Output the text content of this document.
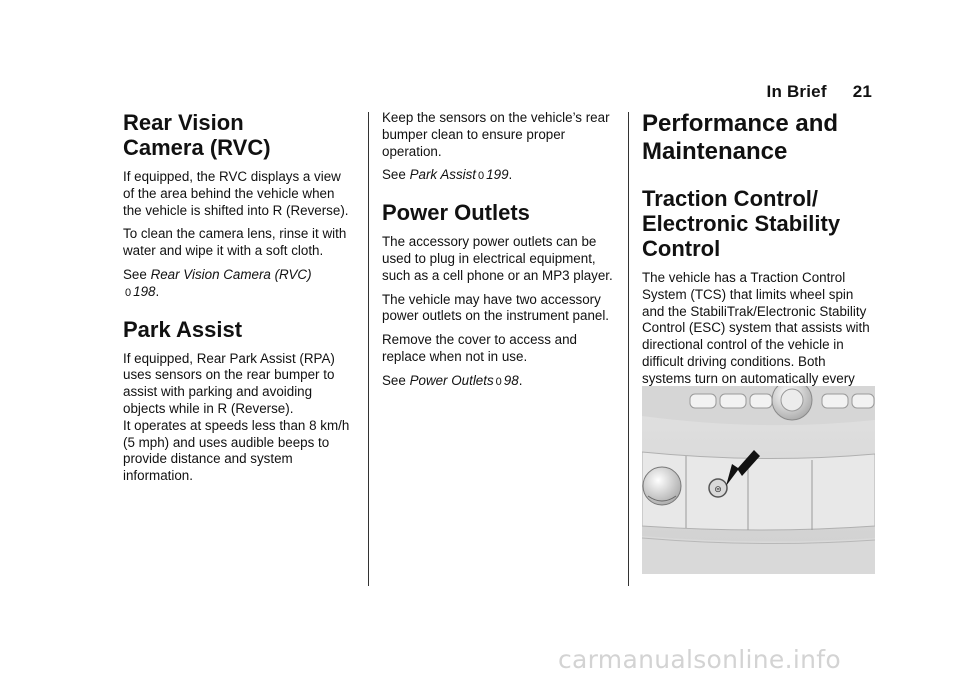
In Brief 21
Rear Vision
Camera (RVC)

If equipped, the RVC displays a view of the area behind the vehicle when the vehicle is shifted into R (Reverse).

To clean the camera lens, rinse it with water and wipe it with a soft cloth.

See Rear Vision Camera (RVC)
0 198.

Park Assist

If equipped, Rear Park Assist (RPA) uses sensors on the rear bumper to assist with parking and avoiding objects while in R (Reverse).

It operates at speeds less than 8 km/h (5 mph) and uses audible beeps to provide distance and system information.

Keep the sensors on the vehicle’s rear bumper clean to ensure proper operation.

See Park Assist 0 199.

Power Outlets

The accessory power outlets can be used to plug in electrical equipment, such as a cell phone or an MP3 player.

The vehicle may have two accessory power outlets on the instrument panel.

Remove the cover to access and replace when not in use.

See Power Outlets 0 98.

Performance and
Maintenance
Traction Control/
Electronic Stability
Control

The vehicle has a Traction Control System (TCS) that limits wheel spin and the StabiliTrak/Electronic Stability Control (ESC) system that assists with directional control of the vehicle in difficult driving conditions. Both systems turn on automatically every

⊜
carmanualsonline.info
